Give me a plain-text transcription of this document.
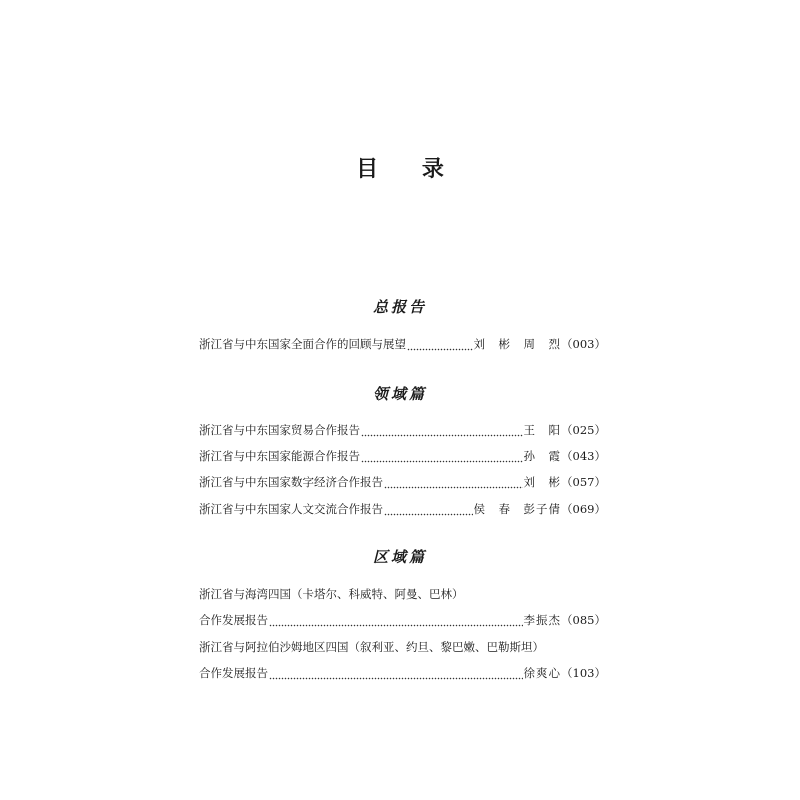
目 录
总报告
浙江省与中东国家全面合作的回顾与展望	刘　彬　周　烈 （003）
领域篇
浙江省与中东国家贸易合作报告	王　阳 （025）
浙江省与中东国家能源合作报告	孙　霞 （043）
浙江省与中东国家数字经济合作报告	刘　彬 （057）
浙江省与中东国家人文交流合作报告	侯　春　彭子倩 （069）
区域篇
浙江省与海湾四国（卡塔尔、科威特、阿曼、巴林）
合作发展报告	李振杰 （085）
浙江省与阿拉伯沙姆地区四国（叙利亚、约旦、黎巴嫩、巴勒斯坦）
合作发展报告	徐爽心 （103）
